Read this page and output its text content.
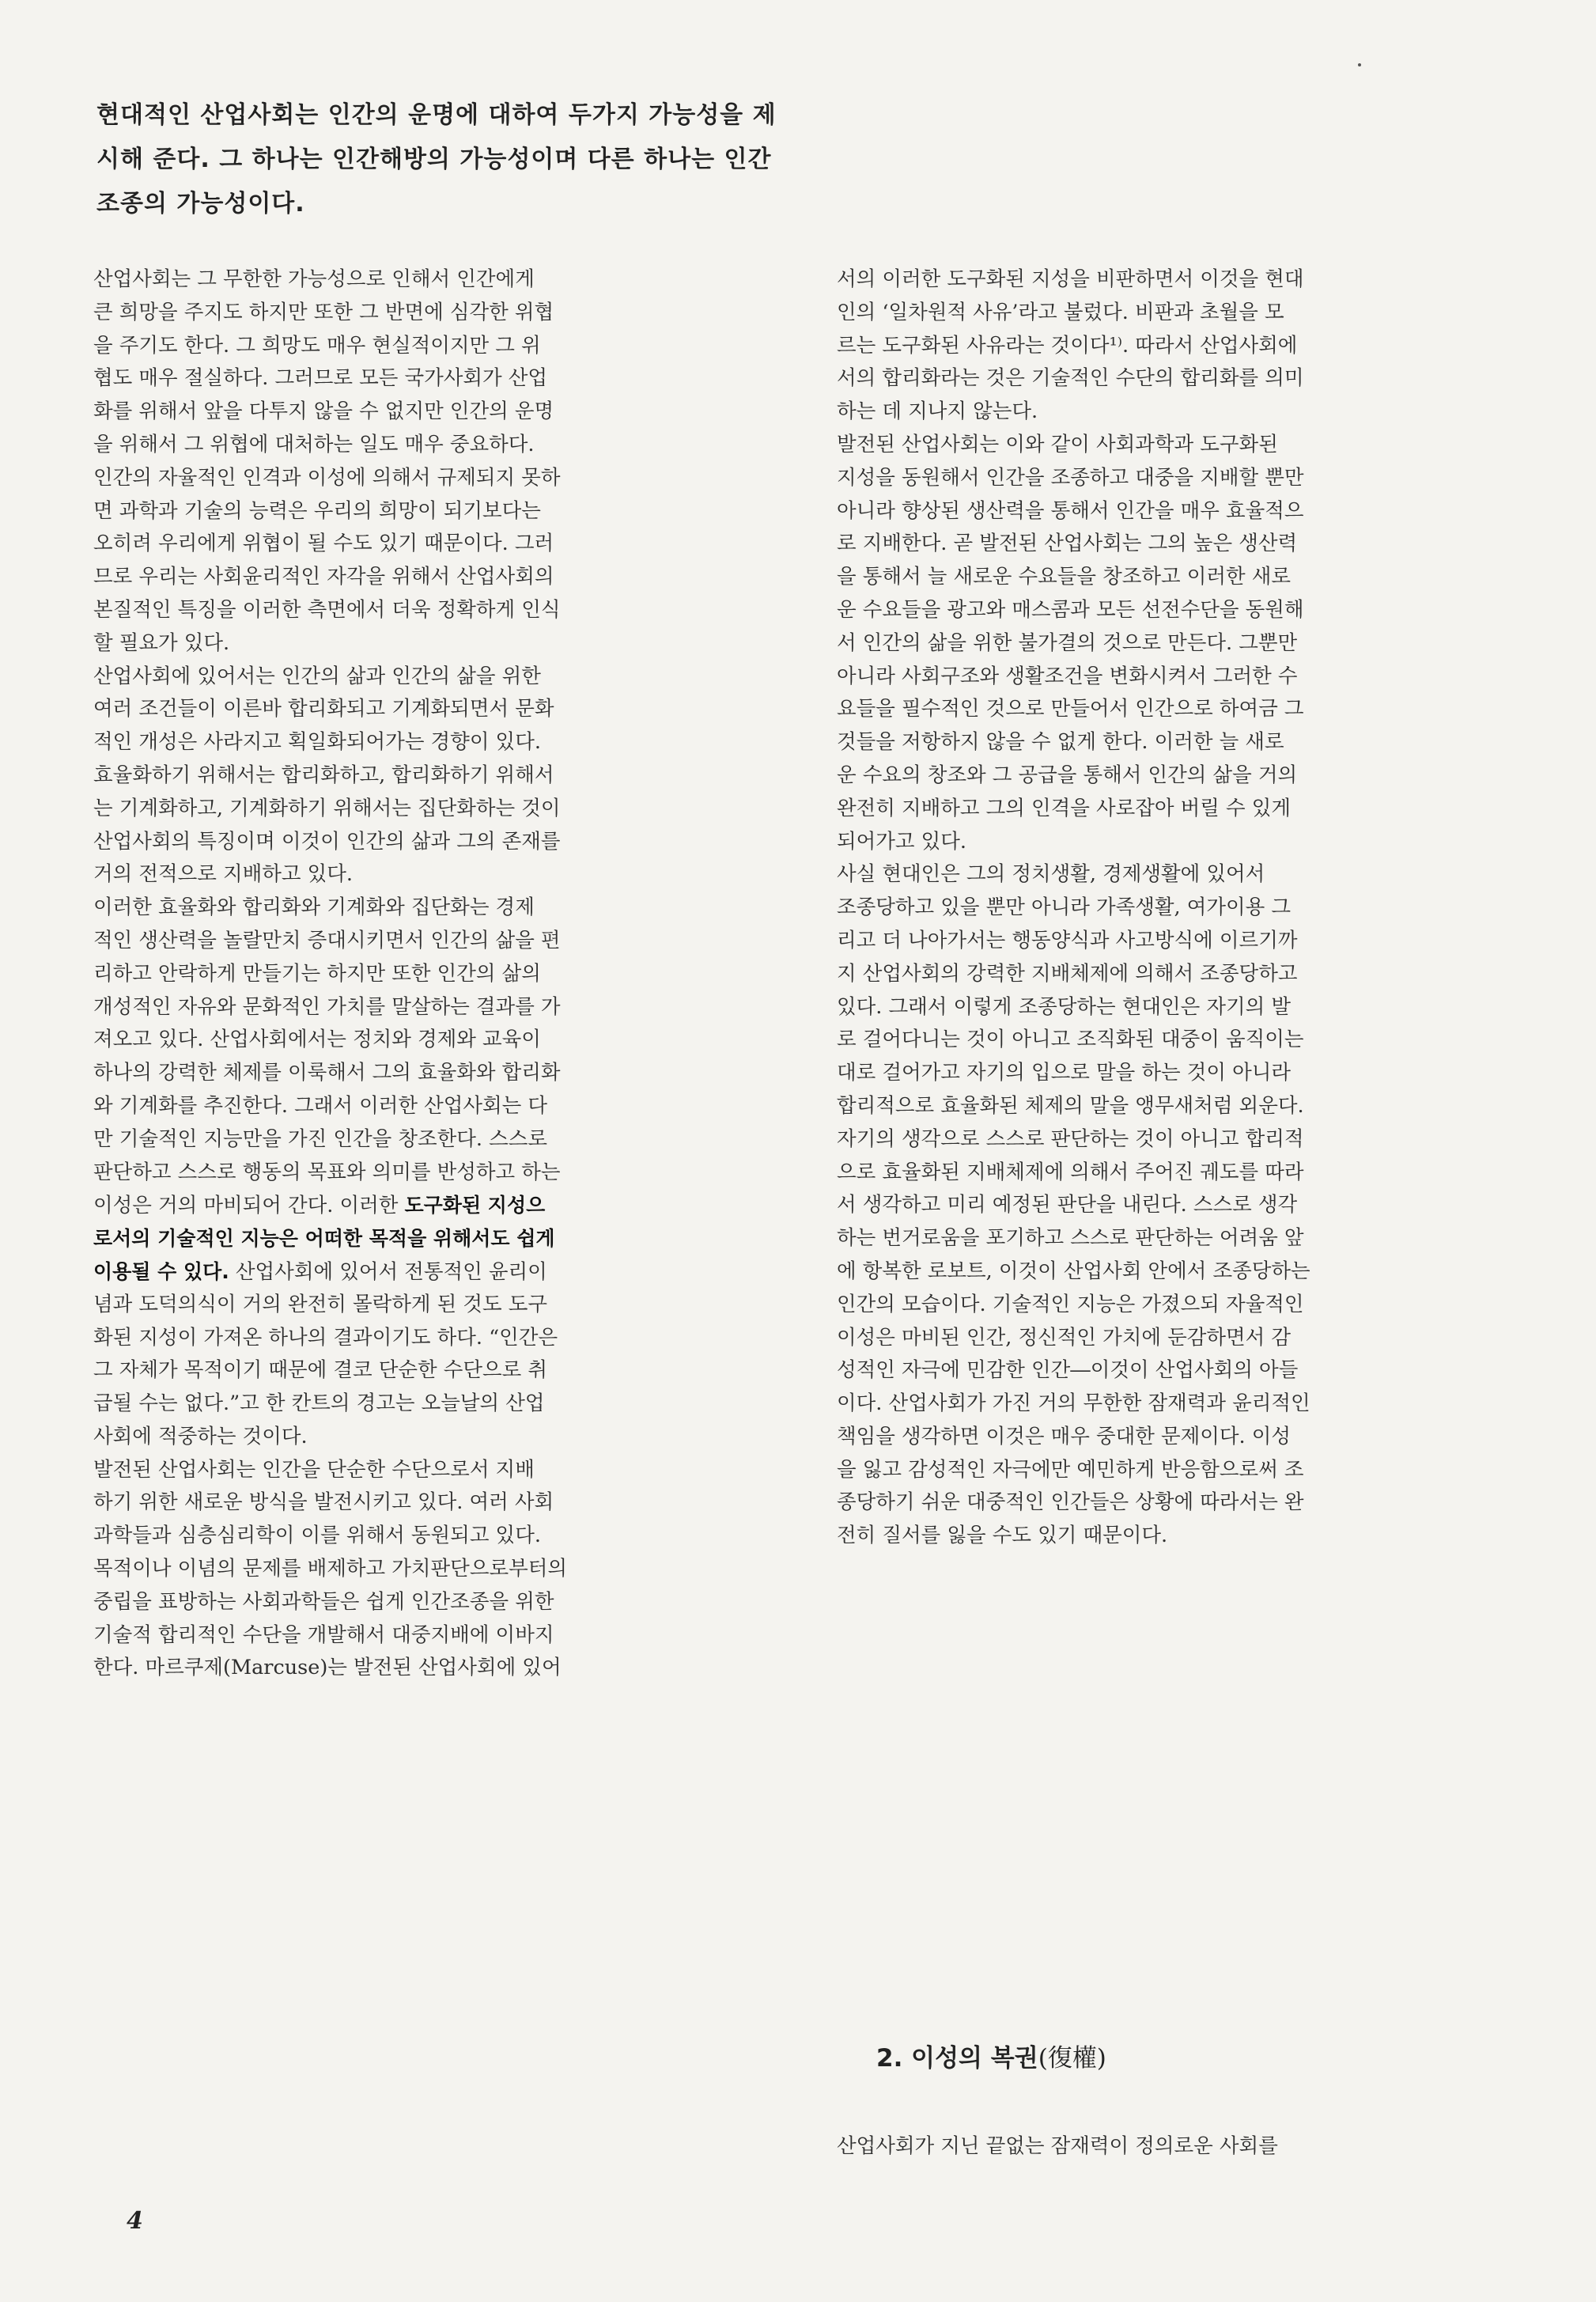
현대적인 산업사회는 인간의 운명에 대하여 두가지 가능성을 제
시해 준다. 그 하나는 인간해방의 가능성이며 다른 하나는 인간
조종의 가능성이다.
산업사회는 그 무한한 가능성으로 인해서 인간에게
큰 희망을 주지도 하지만 또한 그 반면에 심각한 위협
을 주기도 한다. 그 희망도 매우 현실적이지만 그 위
협도 매우 절실하다. 그러므로 모든 국가사회가 산업
화를 위해서 앞을 다투지 않을 수 없지만 인간의 운명
을 위해서 그 위협에 대처하는 일도 매우 중요하다.
인간의 자율적인 인격과 이성에 의해서 규제되지 못하
면 과학과 기술의 능력은 우리의 희망이 되기보다는
오히려 우리에게 위협이 될 수도 있기 때문이다. 그러
므로 우리는 사회윤리적인 자각을 위해서 산업사회의
본질적인 특징을 이러한 측면에서 더욱 정확하게 인식
할 필요가 있다.
산업사회에 있어서는 인간의 삶과 인간의 삶을 위한
여러 조건들이 이른바 합리화되고 기계화되면서 문화
적인 개성은 사라지고 획일화되어가는 경향이 있다.
효율화하기 위해서는 합리화하고, 합리화하기 위해서
는 기계화하고, 기계화하기 위해서는 집단화하는 것이
산업사회의 특징이며 이것이 인간의 삶과 그의 존재를
거의 전적으로 지배하고 있다.
이러한 효율화와 합리화와 기계화와 집단화는 경제
적인 생산력을 놀랄만치 증대시키면서 인간의 삶을 편
리하고 안락하게 만들기는 하지만 또한 인간의 삶의
개성적인 자유와 문화적인 가치를 말살하는 결과를 가
져오고 있다. 산업사회에서는 정치와 경제와 교육이
하나의 강력한 체제를 이룩해서 그의 효율화와 합리화
와 기계화를 추진한다. 그래서 이러한 산업사회는 다
만 기술적인 지능만을 가진 인간을 창조한다. 스스로
판단하고 스스로 행동의 목표와 의미를 반성하고 하는
이성은 거의 마비되어 간다. 이러한 도구화된 지성으
로서의 기술적인 지능은 어떠한 목적을 위해서도 쉽게
이용될 수 있다. 산업사회에 있어서 전통적인 윤리이
념과 도덕의식이 거의 완전히 몰락하게 된 것도 도구
화된 지성이 가져온 하나의 결과이기도 하다. “인간은
그 자체가 목적이기 때문에 결코 단순한 수단으로 취
급될 수는 없다.”고 한 칸트의 경고는 오늘날의 산업
사회에 적중하는 것이다.
발전된 산업사회는 인간을 단순한 수단으로서 지배
하기 위한 새로운 방식을 발전시키고 있다. 여러 사회
과학들과 심층심리학이 이를 위해서 동원되고 있다.
목적이나 이념의 문제를 배제하고 가치판단으로부터의
중립을 표방하는 사회과학들은 쉽게 인간조종을 위한
기술적 합리적인 수단을 개발해서 대중지배에 이바지
한다. 마르쿠제(Marcuse)는 발전된 산업사회에 있어
서의 이러한 도구화된 지성을 비판하면서 이것을 현대
인의 ‘일차원적 사유’라고 불렀다. 비판과 초월을 모
르는 도구화된 사유라는 것이다¹⁾. 따라서 산업사회에
서의 합리화라는 것은 기술적인 수단의 합리화를 의미
하는 데 지나지 않는다.
발전된 산업사회는 이와 같이 사회과학과 도구화된
지성을 동원해서 인간을 조종하고 대중을 지배할 뿐만
아니라 향상된 생산력을 통해서 인간을 매우 효율적으
로 지배한다. 곧 발전된 산업사회는 그의 높은 생산력
을 통해서 늘 새로운 수요들을 창조하고 이러한 새로
운 수요들을 광고와 매스콤과 모든 선전수단을 동원해
서 인간의 삶을 위한 불가결의 것으로 만든다. 그뿐만
아니라 사회구조와 생활조건을 변화시켜서 그러한 수
요들을 필수적인 것으로 만들어서 인간으로 하여금 그
것들을 저항하지 않을 수 없게 한다. 이러한 늘 새로
운 수요의 창조와 그 공급을 통해서 인간의 삶을 거의
완전히 지배하고 그의 인격을 사로잡아 버릴 수 있게
되어가고 있다.
사실 현대인은 그의 정치생활, 경제생활에 있어서
조종당하고 있을 뿐만 아니라 가족생활, 여가이용 그
리고 더 나아가서는 행동양식과 사고방식에 이르기까
지 산업사회의 강력한 지배체제에 의해서 조종당하고
있다. 그래서 이렇게 조종당하는 현대인은 자기의 발
로 걸어다니는 것이 아니고 조직화된 대중이 움직이는
대로 걸어가고 자기의 입으로 말을 하는 것이 아니라
합리적으로 효율화된 체제의 말을 앵무새처럼 외운다.
자기의 생각으로 스스로 판단하는 것이 아니고 합리적
으로 효율화된 지배체제에 의해서 주어진 궤도를 따라
서 생각하고 미리 예정된 판단을 내린다. 스스로 생각
하는 번거로움을 포기하고 스스로 판단하는 어려움 앞
에 항복한 로보트, 이것이 산업사회 안에서 조종당하는
인간의 모습이다. 기술적인 지능은 가졌으되 자율적인
이성은 마비된 인간, 정신적인 가치에 둔감하면서 감
성적인 자극에 민감한 인간―이것이 산업사회의 아들
이다. 산업사회가 가진 거의 무한한 잠재력과 윤리적인
책임을 생각하면 이것은 매우 중대한 문제이다. 이성
을 잃고 감성적인 자극에만 예민하게 반응함으로써 조
종당하기 쉬운 대중적인 인간들은 상황에 따라서는 완
전히 질서를 잃을 수도 있기 때문이다.
2. 이성의 복권(復權)
산업사회가 지닌 끝없는 잠재력이 정의로운 사회를
4
